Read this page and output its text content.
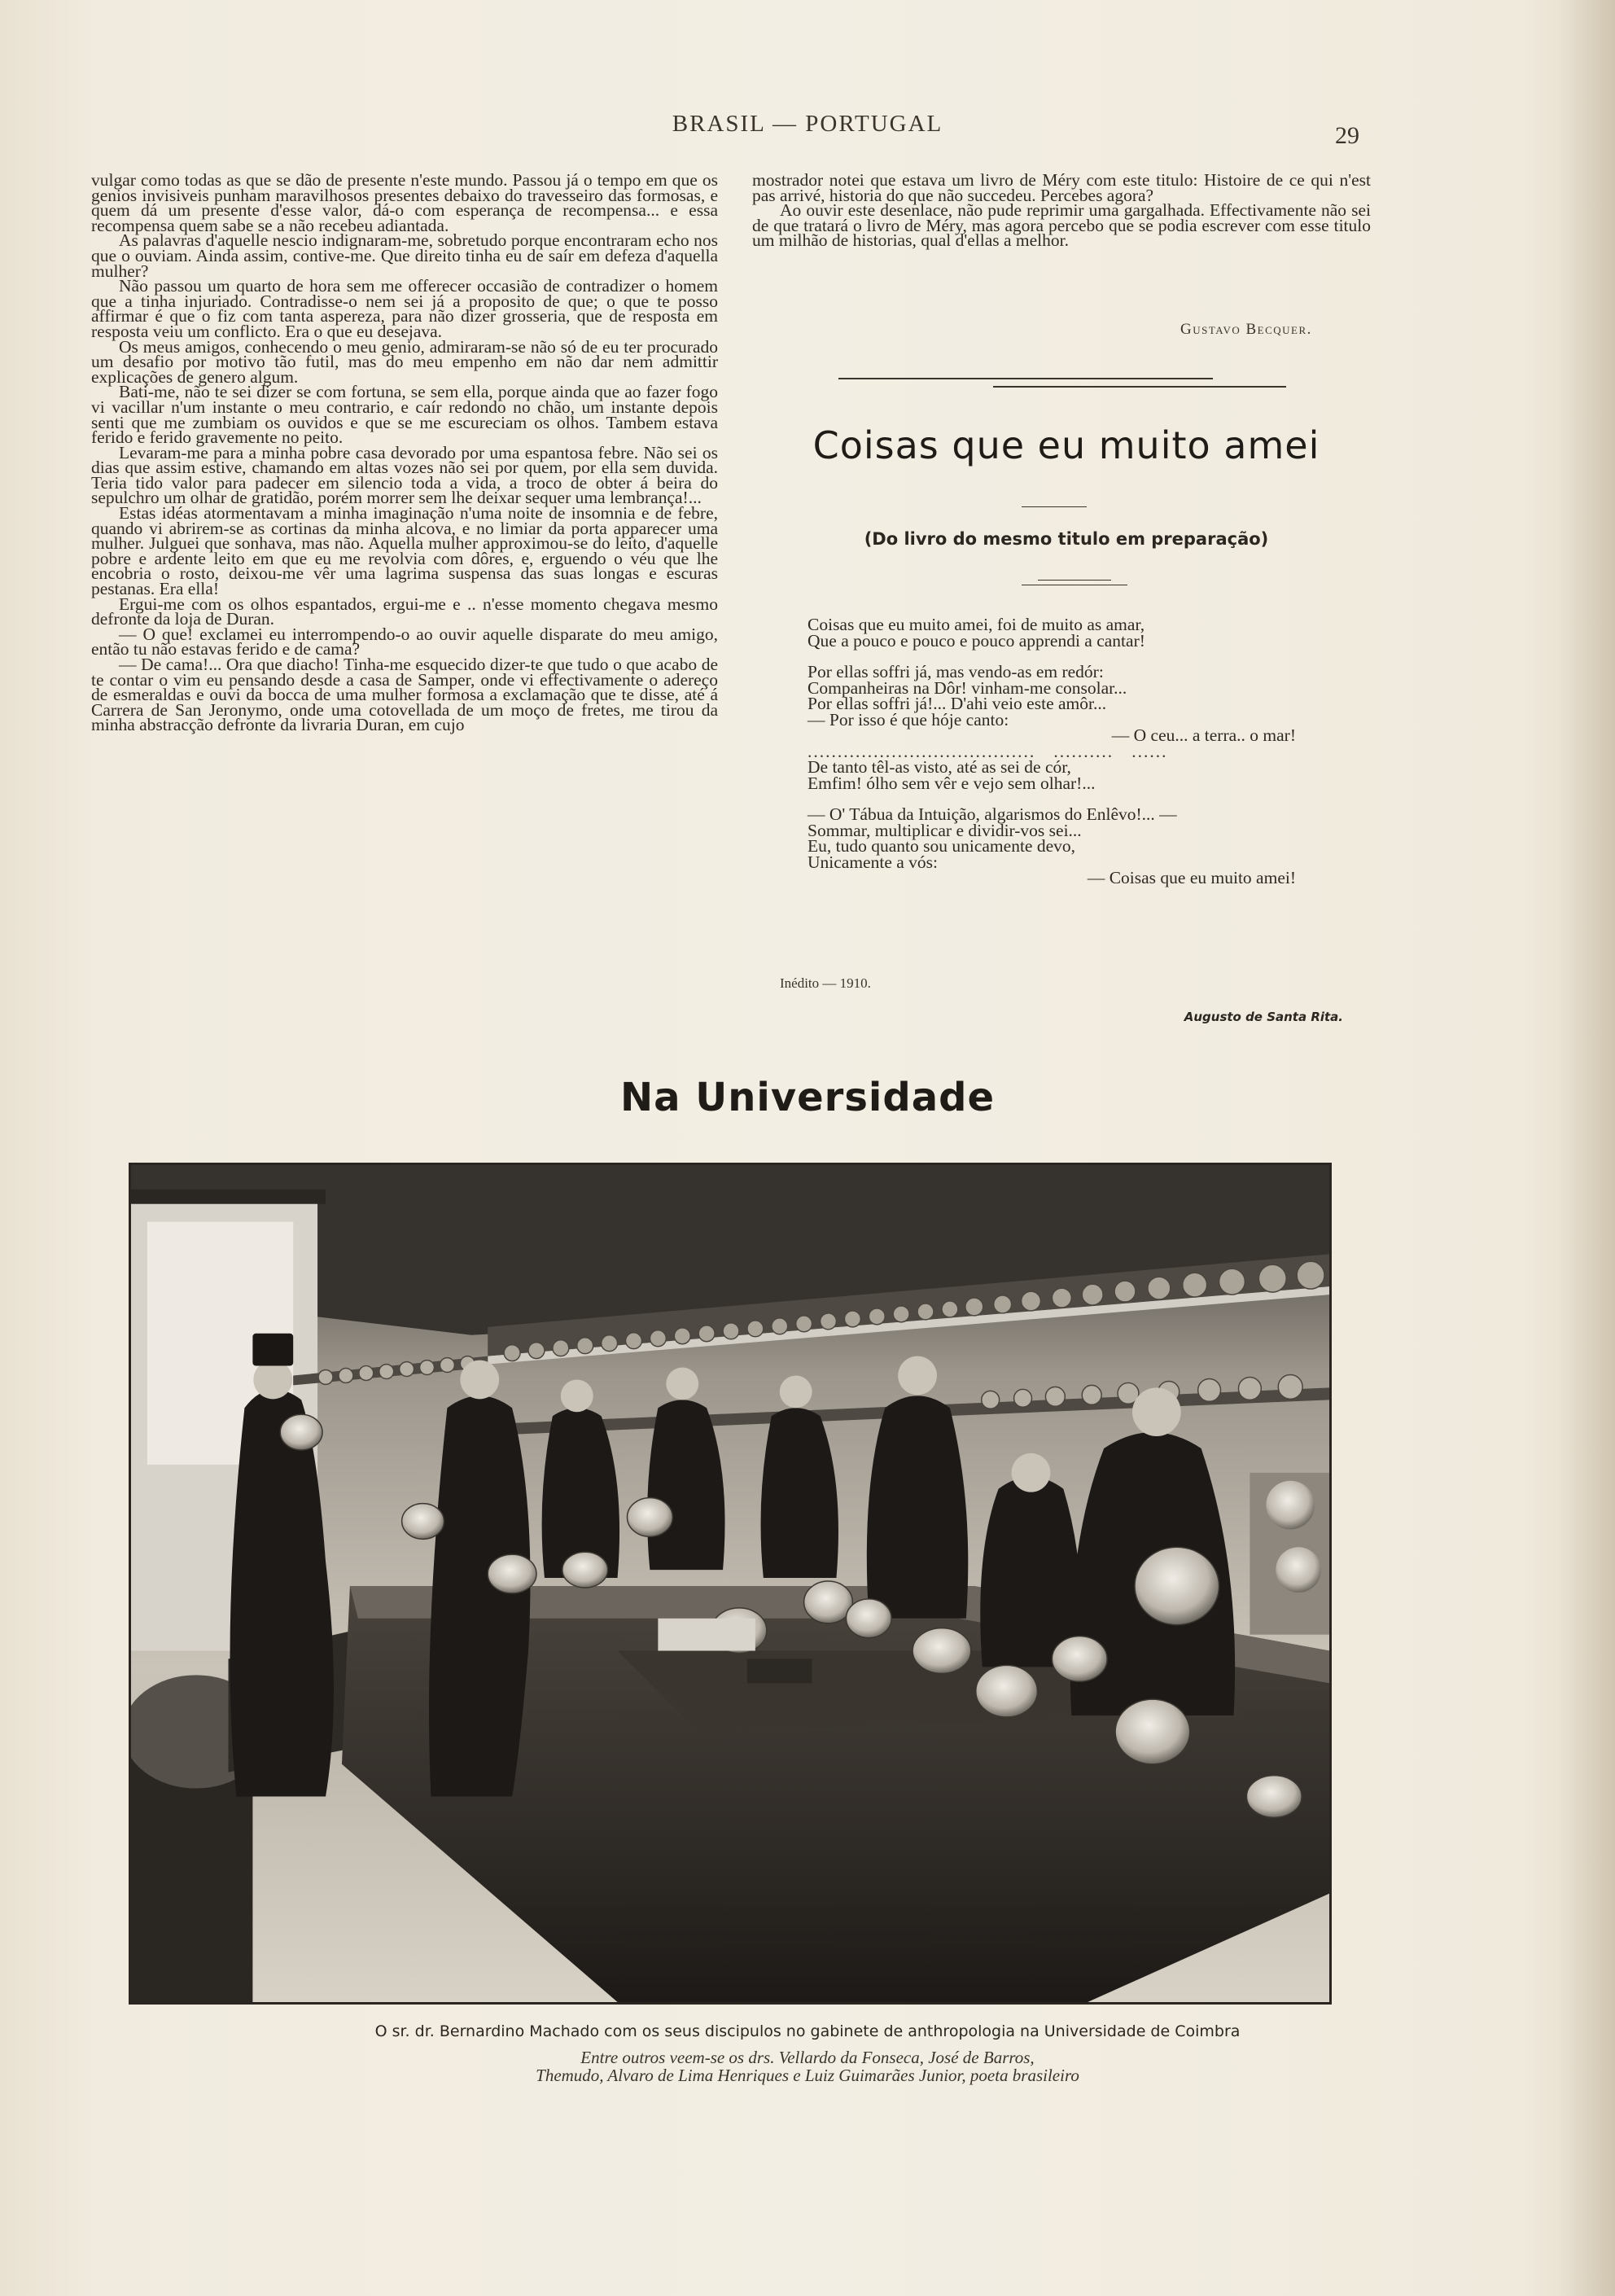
BRASIL — PORTUGAL	29

vulgar como todas as que se dão de presente n'este mundo. Passou já o tempo em que os genios invisiveis punham maravilhosos presentes debaixo do travesseiro das formosas, e quem dá um presente d'esse valor, dá-o com esperança de recompensa... e essa recompensa quem sabe se a não recebeu adiantada.

As palavras d'aquelle nescio indignaram-me, sobretudo porque encontraram echo nos que o ouviam. Ainda assim, contive-me. Que direito tinha eu de saír em defeza d'aquella mulher?

Não passou um quarto de hora sem me offerecer occasião de contradizer o homem que a tinha injuriado. Contradisse-o nem sei já a proposito de que; o que te posso affirmar é que o fiz com tanta aspereza, para não dizer grosseria, que de resposta em resposta veiu um conflicto. Era o que eu desejava.

Os meus amigos, conhecendo o meu genio, admiraram-se não só de eu ter procurado um desafio por motivo tão futil, mas do meu empenho em não dar nem admittir explicações de genero algum.

Bati-me, não te sei dizer se com fortuna, se sem ella, porque ainda que ao fazer fogo vi vacillar n'um instante o meu contrario, e caír redondo no chão, um instante depois senti que me zumbiam os ouvidos e que se me escureciam os olhos. Tambem estava ferido e ferido gravemente no peito.

Levaram-me para a minha pobre casa devorado por uma espantosa febre. Não sei os dias que assim estive, chamando em altas vozes não sei por quem, por ella sem duvida. Teria tido valor para padecer em silencio toda a vida, a troco de obter á beira do sepulchro um olhar de gratidão, porém morrer sem lhe deixar sequer uma lembrança!...

Estas idéas atormentavam a minha imaginação n'uma noite de insomnia e de febre, quando vi abrirem-se as cortinas da minha alcova, e no limiar da porta apparecer uma mulher. Julguei que sonhava, mas não. Aquella mulher approximou-se do leito, d'aquelle pobre e ardente leito em que eu me revolvia com dôres, e, erguendo o véu que lhe encobria o rosto, deixou-me vêr uma lagrima suspensa das suas longas e escuras pestanas. Era ella!

Ergui-me com os olhos espantados, ergui-me e .. n'esse momento chegava mesmo defronte da loja de Duran.

— O que! exclamei eu interrompendo-o ao ouvir aquelle disparate do meu amigo, então tu não estavas ferido e de cama?

— De cama!... Ora que diacho! Tinha-me esquecido dizer-te que tudo o que acabo de te contar o vim eu pensando desde a casa de Samper, onde vi effectivamente o adereço de esmeraldas e ouvi da bocca de uma mulher formosa a exclamação que te disse, até á Carrera de San Jeronymo, onde uma cotovellada de um moço de fretes, me tirou da minha abstracção defronte da livraria Duran, em cujo

mostrador notei que estava um livro de Méry com este titulo: Histoire de ce qui n'est pas arrivé, historia do que não succedeu. Percebes agora?

Ao ouvir este desenlace, não pude reprimir uma gargalhada. Effectivamente não sei de que tratará o livro de Méry, mas agora percebo que se podia escrever com esse titulo um milhão de historias, qual d'ellas a melhor.

Gustavo Becquer.
Coisas que eu muito amei
(Do livro do mesmo titulo em preparação)
Coisas que eu muito amei, foi de muito as amar,
Que a pouco e pouco e pouco apprendi a cantar!
Por ellas soffri já, mas vendo-as em redór:
Companheiras na Dôr! vinham-me consolar...
Por ellas soffri já!... D'ahi veio este amôr...
— Por isso é que hóje canto:
— O ceu... a terra.. o mar!
......................................   ..........   ......
De tanto têl-as visto, até as sei de cór,
Emfim! ólho sem vêr e vejo sem olhar!...
— O' Tábua da Intuição, algarismos do Enlêvo!... —
Sommar, multiplicar e dividir-vos sei...
Eu, tudo quanto sou unicamente devo,
Unicamente a vós:
— Coisas que eu muito amei!
Inédito — 1910.
Augusto de Santa Rita.
Na Universidade
O sr. dr. Bernardino Machado com os seus discipulos no gabinete de anthropologia na Universidade de Coimbra
Entre outros veem-se os drs. Vellardo da Fonseca, José de Barros,
Themudo, Alvaro de Lima Henriques e Luiz Guimarães Junior, poeta brasileiro
